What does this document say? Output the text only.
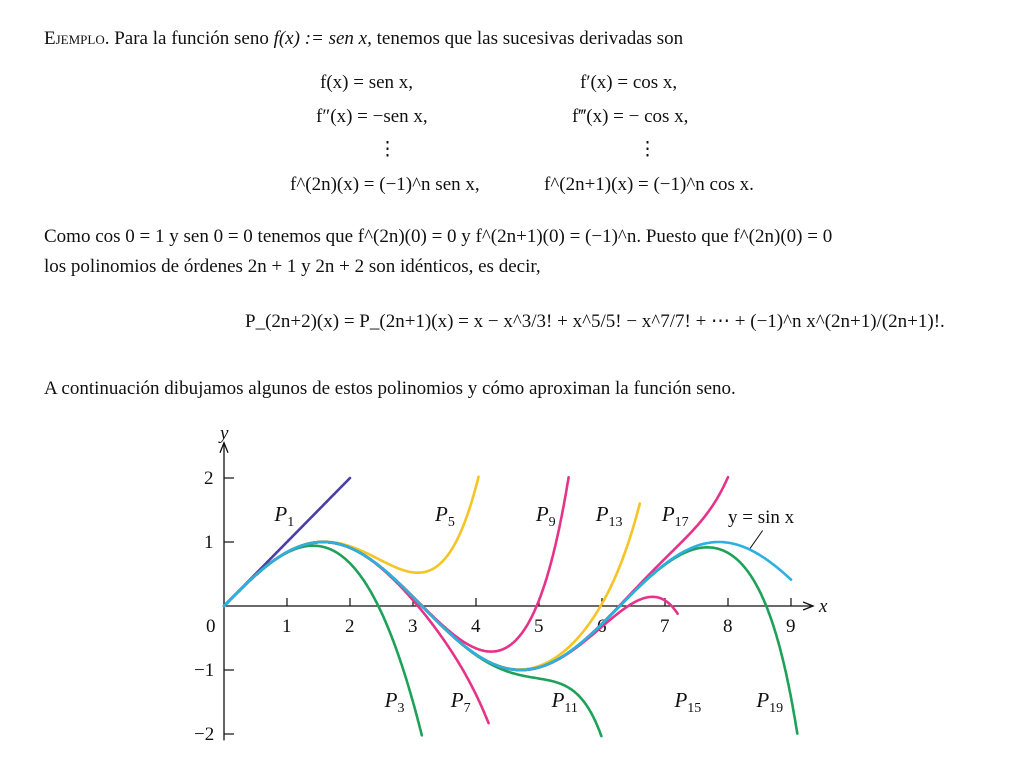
Ejemplo. Para la función seno f(x) := sen x, tenemos que las sucesivas derivadas son
f(x) = sen x,	f′(x) = cos x,
f″(x) = −sen x,	f‴(x) = − cos x,
⋮	⋮
f^(2n)(x) = (−1)^n sen x,	f^(2n+1)(x) = (−1)^n cos x.
Como cos 0 = 1 y sen 0 = 0 tenemos que f^(2n)(0) = 0 y f^(2n+1)(0) = (−1)^n. Puesto que f^(2n)(0) = 0
los polinomios de órdenes 2n + 1 y 2n + 2 son idénticos, es decir,
P_(2n+2)(x) = P_(2n+1)(x) = x − x^3/3! + x^5/5! − x^7/7! + ⋯ + (−1)^n x^(2n+1)/(2n+1)!.
A continuación dibujamos algunos de estos polinomios y cómo aproximan la función seno.
y
x
0	1	2	3	4	5	6	7	8	9
2
1
−1
−2
$P_1$	$P_5$	$P_9$ $P_{13}$ $P_{17}$
$P_3$ $P_7$	$P_{11}$	$P_{15}$	$P_{19}$
y = sin x
